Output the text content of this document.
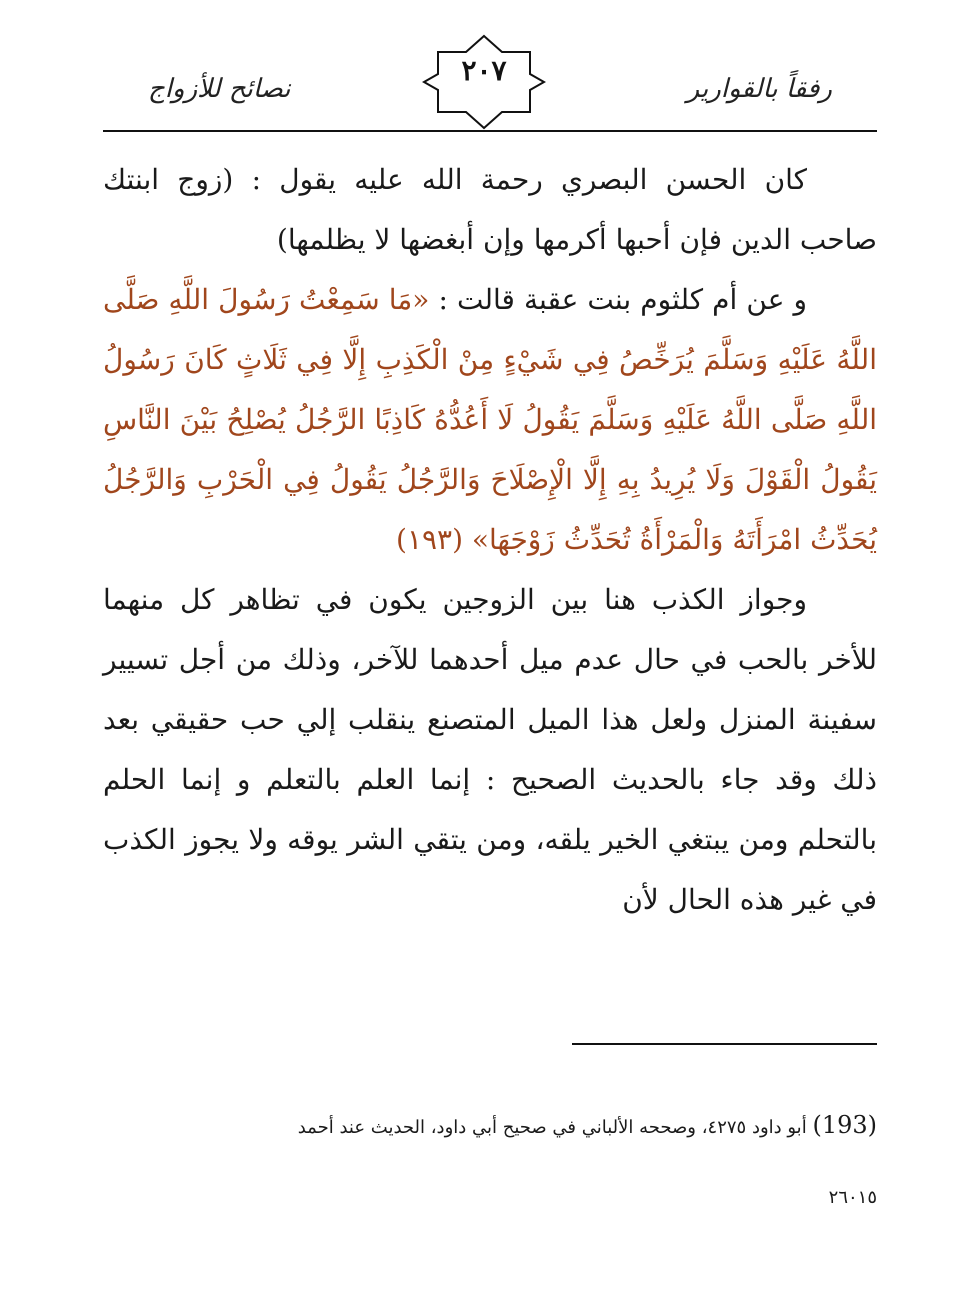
رفقاً بالقوارير
٢٠٧
نصائح للأزواج

كان الحسن البصري رحمة الله عليه يقول : (زوج ابنتك صاحب الدين فإن أحبها أكرمها وإن أبغضها لا يظلمها)

و عن أم كلثوم بنت عقبة قالت : «مَا سَمِعْتُ رَسُولَ اللَّهِ صَلَّى اللَّهُ عَلَيْهِ وَسَلَّمَ يُرَخِّصُ فِي شَيْءٍ مِنْ الْكَذِبِ إِلَّا فِي ثَلَاثٍ كَانَ رَسُولُ اللَّهِ صَلَّى اللَّهُ عَلَيْهِ وَسَلَّمَ يَقُولُ لَا أَعُدُّهُ كَاذِبًا الرَّجُلُ يُصْلِحُ بَيْنَ النَّاسِ يَقُولُ الْقَوْلَ وَلَا يُرِيدُ بِهِ إِلَّا الْإِصْلَاحَ وَالرَّجُلُ يَقُولُ فِي الْحَرْبِ وَالرَّجُلُ يُحَدِّثُ امْرَأَتَهُ وَالْمَرْأَةُ تُحَدِّثُ زَوْجَهَا» (١٩٣)

وجواز الكذب هنا بين الزوجين يكون في تظاهر كل منهما للأخر بالحب في حال عدم ميل أحدهما للآخر، وذلك من أجل تسيير سفينة المنزل ولعل هذا الميل المتصنع ينقلب إلي حب حقيقي بعد ذلك وقد جاء بالحديث الصحيح : إنما العلم بالتعلم و إنما الحلم بالتحلم ومن يبتغي الخير يلقه، ومن يتقي الشر يوقه ولا يجوز الكذب في غير هذه الحال لأن

(193) أبو داود ٤٢٧٥، وصححه الألباني في صحيح أبي داود، الحديث عند أحمد
٢٦٠١٥
